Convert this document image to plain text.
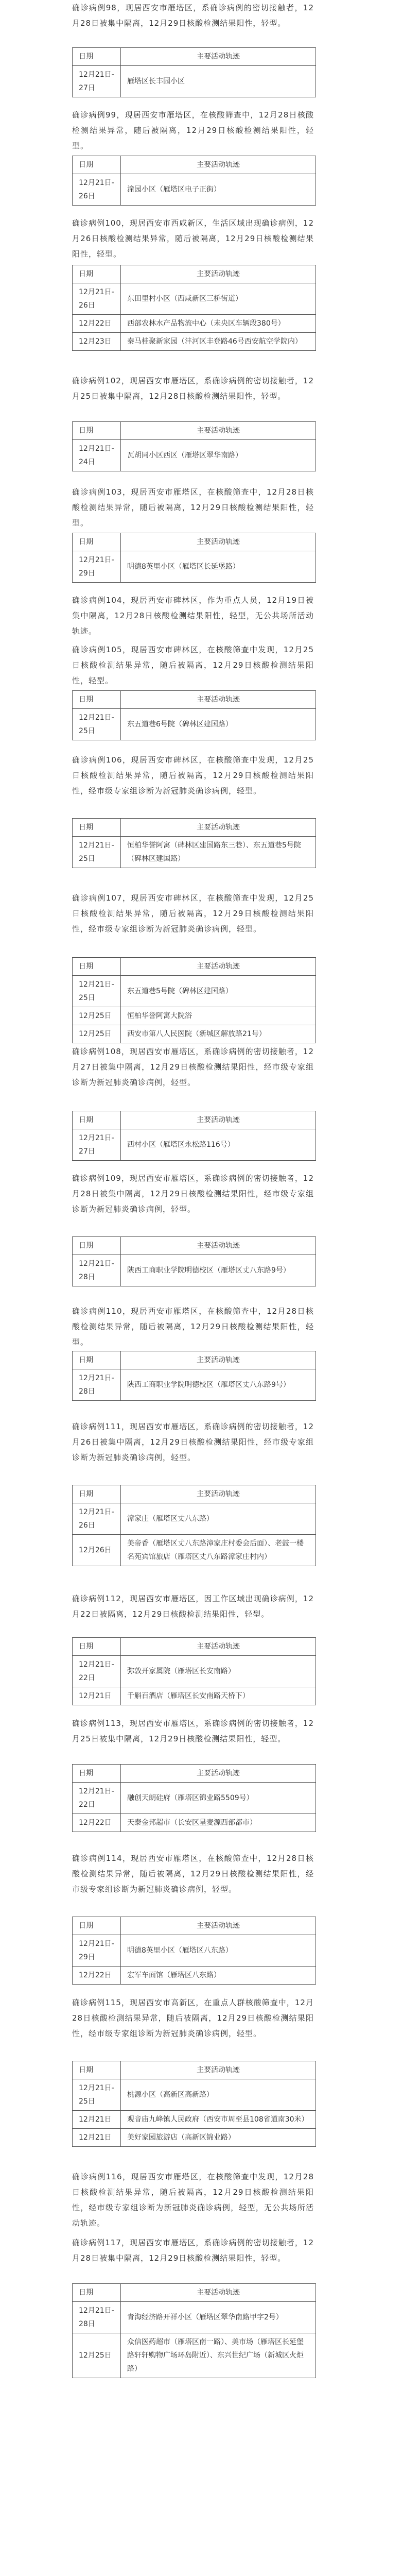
确诊病例98，现居西安市雁塔区，系确诊病例的密切接触者，12月28日被集中隔离，12月29日核酸检测结果阳性，轻型。

日期	主要活动轨迹
12月21日-27日	雁塔区长丰园小区

确诊病例99，现居西安市雁塔区，在核酸筛查中，12月28日核酸检测结果异常，随后被隔离，12月29日核酸检测结果阳性，轻型。

日期	主要活动轨迹
12月21日-26日	潼园小区（雁塔区电子正街）

确诊病例100，现居西安市西咸新区，生活区域出现确诊病例，12月26日核酸检测结果异常，随后被隔离，12月29日核酸检测结果阳性，轻型。

日期	主要活动轨迹
12月21日-26日	东田里村小区（西咸新区三桥街道）
12月22日	西部农林水产品物流中心（未央区车辆段380号）
12月23日	秦马桂聚新家园（沣河区丰登路46号西安航空学院内）

确诊病例102，现居西安市雁塔区，系确诊病例的密切接触者，12月25日被集中隔离，12月28日核酸检测结果阳性，轻型。

日期	主要活动轨迹
12月21日-24日	瓦胡同小区西区（雁塔区翠华南路）

确诊病例103，现居西安市雁塔区，在核酸筛查中，12月28日核酸检测结果异常，随后被隔离，12月29日核酸检测结果阳性，轻型。

日期	主要活动轨迹
12月21日-29日	明德8英里小区（雁塔区长延堡路）

确诊病例104，现居西安市碑林区，作为重点人员，12月19日被集中隔离，12月28日核酸检测结果阳性，轻型，无公共场所活动轨迹。

确诊病例105，现居西安市碑林区，在核酸筛查中发现，12月25日核酸检测结果异常，随后被隔离，12月29日核酸检测结果阳性，轻型。

日期	主要活动轨迹
12月21日-25日	东五道巷6号院（碑林区建国路）

确诊病例106，现居西安市碑林区，在核酸筛查中发现，12月25日核酸检测结果异常，随后被隔离，12月29日核酸检测结果阳性，经市级专家组诊断为新冠肺炎确诊病例，轻型。

日期	主要活动轨迹
12月21日-25日	恒柏华誉阿寓（碑林区建国路东三巷）、东五道巷5号院（碑林区建国路）

确诊病例107，现居西安市碑林区，在核酸筛查中发现，12月25日核酸检测结果异常，随后被隔离，12月29日核酸检测结果阳性，经市级专家组诊断为新冠肺炎确诊病例，轻型。

日期	主要活动轨迹
12月21日-25日	东五道巷5号院（碑林区建国路）
12月25日	恒柏华誉阿寓大院浴
12月25日	西安市第八人民医院（新城区解放路21号）

确诊病例108，现居西安市雁塔区，系确诊病例的密切接触者，12月27日被集中隔离，12月29日核酸检测结果阳性，经市级专家组诊断为新冠肺炎确诊病例，轻型。

日期	主要活动轨迹
12月21日-27日	西村小区（雁塔区永松路116号）

确诊病例109，现居西安市雁塔区，系确诊病例的密切接触者，12月28日被集中隔离，12月29日核酸检测结果阳性，经市级专家组诊断为新冠肺炎确诊病例，轻型。

日期	主要活动轨迹
12月21日-28日	陕西工商职业学院明德校区（雁塔区丈八东路9号）

确诊病例110，现居西安市雁塔区，在核酸筛查中，12月28日核酸检测结果异常，随后被隔离，12月29日核酸检测结果阳性，轻型。

日期	主要活动轨迹
12月21日-28日	陕西工商职业学院明德校区（雁塔区丈八东路9号）

确诊病例111，现居西安市雁塔区，系确诊病例的密切接触者，12月26日被集中隔离，12月29日核酸检测结果阳性，经市级专家组诊断为新冠肺炎确诊病例，轻型。

日期	主要活动轨迹
12月21日-26日	漳家庄（雁塔区丈八东路）
12月26日	美帝香（雁塔区丈八东路漳家庄村委会后面）、老鼓一楼名苑宾馆旅店（雁塔区丈八东路漳家庄村内）

确诊病例112，现居西安市雁塔区，因工作区域出现确诊病例，12月22日被隔离，12月29日核酸检测结果阳性，轻型。

日期	主要活动轨迹
12月21日-22日	弥敦开家属院（雁塔区长安南路）
12月21日	千斛百酒店（雁塔区长安南路天桥下）

确诊病例113，现居西安市雁塔区，系确诊病例的密切接触者，12月25日被集中隔离，12月29日核酸检测结果阳性，轻型。

日期	主要活动轨迹
12月21日-22日	融创天朗硅府（雁塔区锦业路5509号）
12月22日	天泰金邦超市（长安区星麦源西部都市）

确诊病例114，现居西安市雁塔区，在核酸筛查中，12月28日核酸检测结果异常，随后被隔离，12月29日核酸检测结果阳性，经市级专家组诊断为新冠肺炎确诊病例，轻型。

日期	主要活动轨迹
12月21日-29日	明德8英里小区（雁塔区八东路）
12月22日	宏军车面馆（雁塔区八东路）

确诊病例115，现居西安市高新区，在重点人群核酸筛查中，12月28日核酸检测结果异常，随后被隔离，12月29日核酸检测结果阳性，经市级专家组诊断为新冠肺炎确诊病例，轻型。

日期	主要活动轨迹
12月21日-25日	桃源小区（高新区高新路）
12月21日	观音庙九峰镇人民政府（西安市周至县108省道南30米）
12月21日	美好家园旅游店（高新区锦业路）

确诊病例116，现居西安市雁塔区，在核酸筛查中发现，12月28日核酸检测结果异常，随后被隔离，12月29日核酸检测结果阳性，经市级专家组诊断为新冠肺炎确诊病例，轻型，无公共场所活动轨迹。

确诊病例117，现居西安市雁塔区，系确诊病例的密切接触者，12月28日被集中隔离，12月29日核酸检测结果阳性，轻型。

日期	主要活动轨迹
12月21日-28日	青海经济路开祥小区（雁塔区翠华南路甲字2号）
12月25日	众信医药超市（雁塔区南一路）、美市场（雁塔区长延堡路轩轩购物广场环岛附近）、东兴世纪广场（新城区火炬路）
